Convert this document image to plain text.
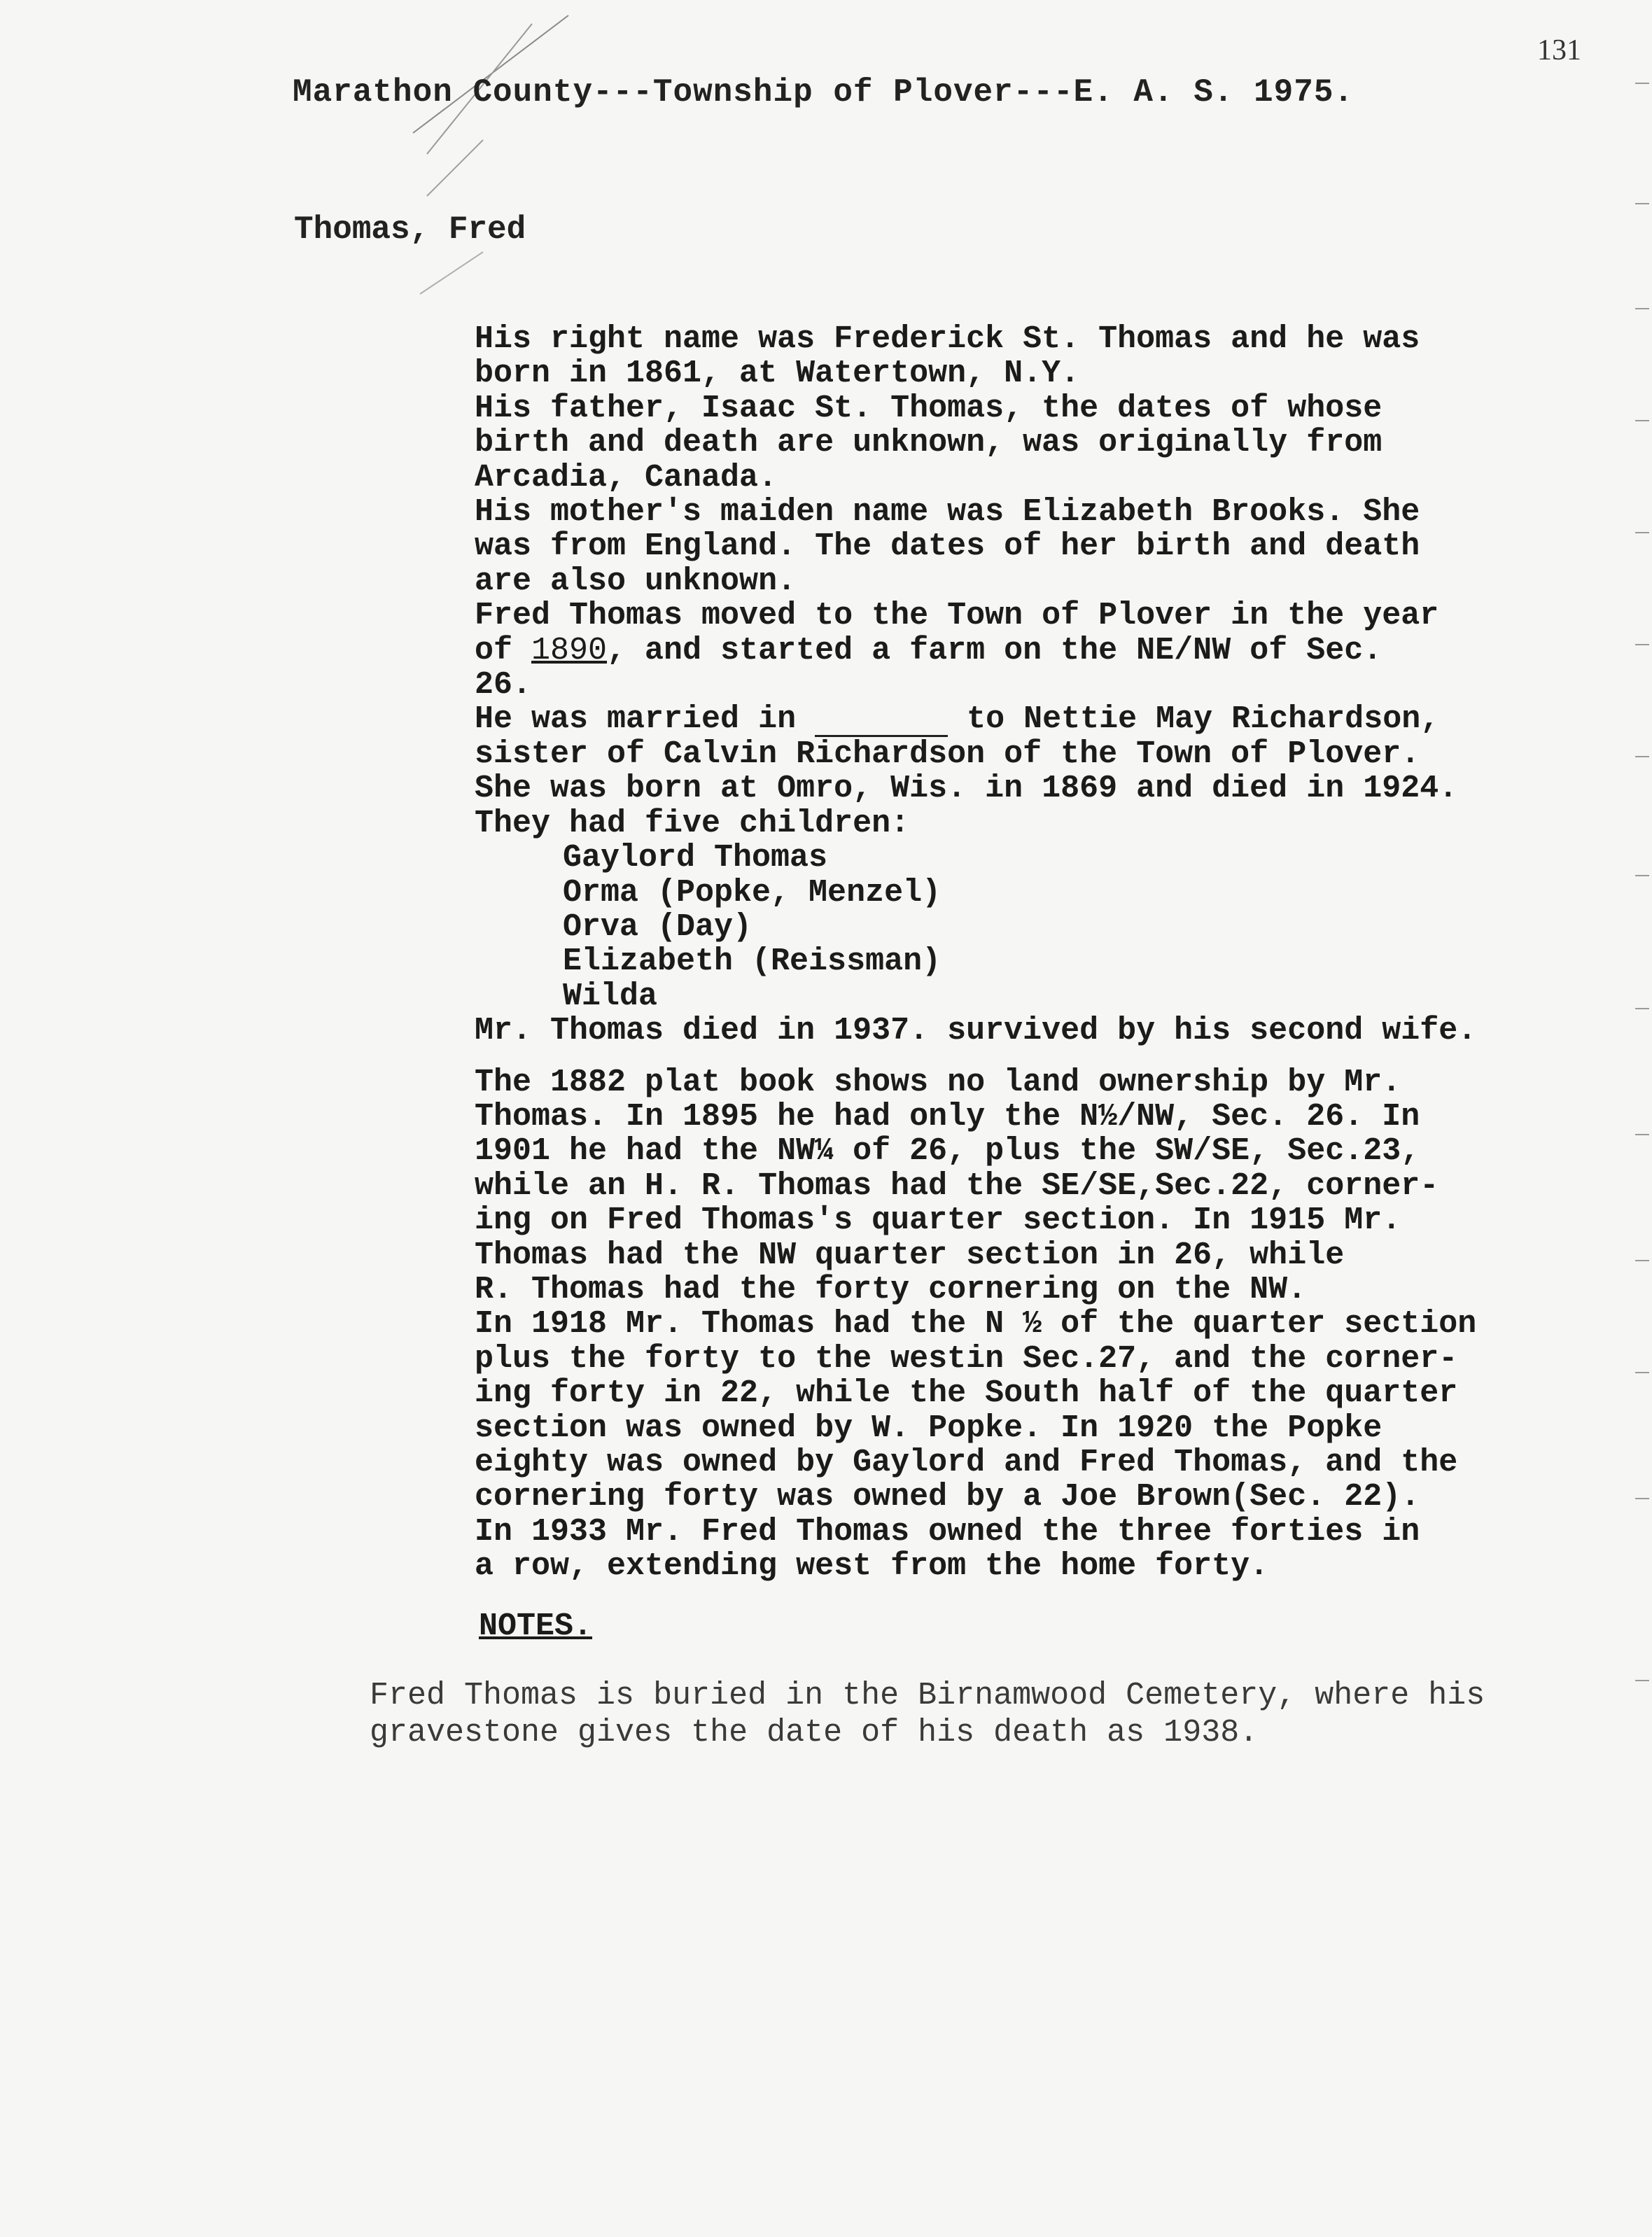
131
Marathon County---Township of Plover---E. A. S. 1975.
Thomas, Fred

His right name was Frederick St. Thomas and he was

born in 1861, at Watertown, N.Y.

His father, Isaac St. Thomas, the dates of whose

birth and death are unknown, was originally from

Arcadia, Canada.

His mother's maiden name was Elizabeth Brooks. She

was from England. The dates of her birth and death

are also unknown.

Fred Thomas moved to the Town of Plover in the year

of 1890, and started a farm on the NE/NW of Sec.

26.

He was married in	to Nettie May Richardson,

sister of Calvin Richardson of the Town of Plover.

She was born at Omro, Wis. in 1869 and died in 1924.

They had five children:

Gaylord Thomas

Orma (Popke, Menzel)

Orva (Day)

Elizabeth (Reissman)

Wilda

Mr. Thomas died in 1937. survived by his second wife.

The 1882 plat book shows no land ownership by Mr.

Thomas. In 1895 he had only the N½/NW, Sec. 26. In

1901 he had the NW¼ of 26, plus the SW/SE, Sec.23,

while an H. R. Thomas had the SE/SE,Sec.22, corner-

ing on Fred Thomas's quarter section. In 1915 Mr.

Thomas had the NW quarter section in 26, while

R. Thomas had the forty cornering on the NW.

In 1918 Mr. Thomas had the N ½ of the quarter section

plus the forty to the westin Sec.27, and the corner-

ing forty in 22, while the South half of the quarter

section was owned by W. Popke. In 1920 the Popke

eighty was owned by Gaylord and Fred Thomas, and the

cornering forty was owned by a Joe Brown(Sec. 22).

In 1933 Mr. Fred Thomas owned the three forties in

a row, extending west from the home forty.

NOTES.
Fred Thomas is buried in the Birnamwood Cemetery, where his
gravestone gives the date of his death as 1938.
